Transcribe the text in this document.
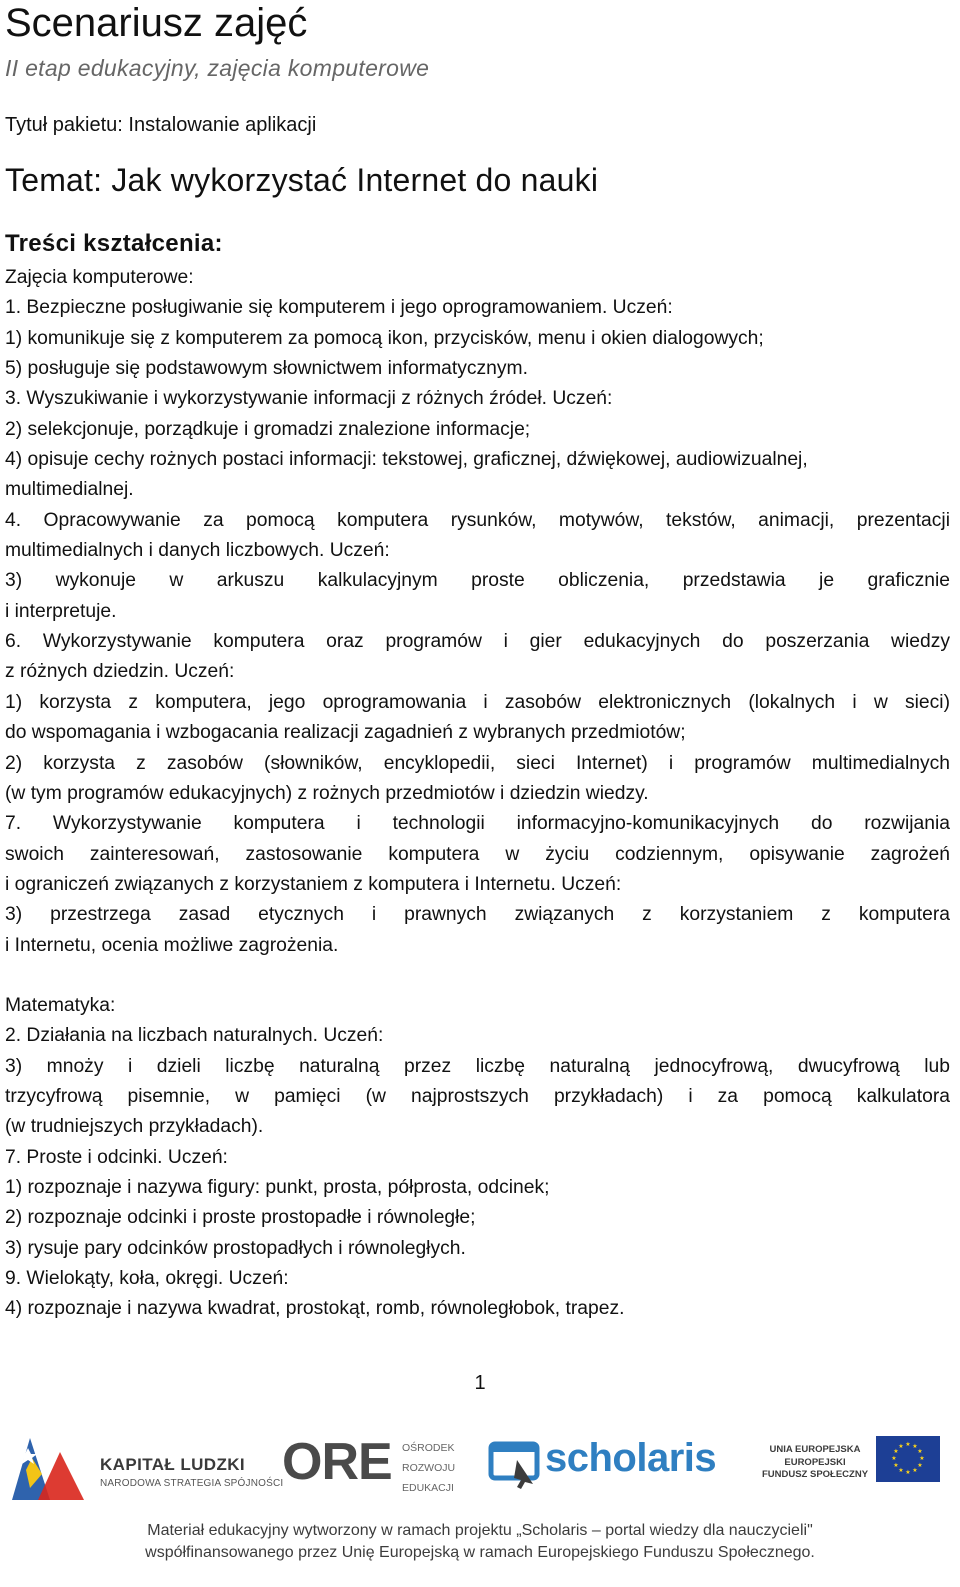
Scenariusz zajęć
II etap edukacyjny, zajęcia komputerowe
Tytuł pakietu: Instalowanie aplikacji
Temat: Jak wykorzystać Internet do nauki
Treści kształcenia:

Zajęcia komputerowe:

1. Bezpieczne posługiwanie się komputerem i jego oprogramowaniem. Uczeń:

1) komunikuje się z komputerem za pomocą ikon, przycisków, menu i okien dialogowych;

5) posługuje się podstawowym słownictwem informatycznym.

3. Wyszukiwanie i wykorzystywanie informacji z różnych źródeł. Uczeń:

2) selekcjonuje, porządkuje i gromadzi znalezione informacje;

4) opisuje cechy rożnych postaci informacji: tekstowej, graficznej, dźwiękowej, audiowizualnej,

multimedialnej.

4. Opracowywanie za pomocą komputera rysunków, motywów, tekstów, animacji, prezentacji

multimedialnych i danych liczbowych. Uczeń:

3) wykonuje w arkuszu kalkulacyjnym proste obliczenia, przedstawia je graficznie

i interpretuje.

6. Wykorzystywanie komputera oraz programów i gier edukacyjnych do poszerzania wiedzy

z różnych dziedzin. Uczeń:

1) korzysta z komputera, jego oprogramowania i zasobów elektronicznych (lokalnych i w sieci)

do wspomagania i wzbogacania realizacji zagadnień z wybranych przedmiotów;

2) korzysta z zasobów (słowników, encyklopedii, sieci Internet) i programów multimedialnych

(w tym programów edukacyjnych) z rożnych przedmiotów i dziedzin wiedzy.

7. Wykorzystywanie komputera i technologii informacyjno-komunikacyjnych do rozwijania

swoich zainteresowań, zastosowanie komputera w życiu codziennym, opisywanie zagrożeń

i ograniczeń związanych z korzystaniem z komputera i Internetu. Uczeń:

3) przestrzega zasad etycznych i prawnych związanych z korzystaniem z komputera

i Internetu, ocenia możliwe zagrożenia.

Matematyka:

2. Działania na liczbach naturalnych. Uczeń:

3) mnoży i dzieli liczbę naturalną przez liczbę naturalną jednocyfrową, dwucyfrową lub

trzycyfrową pisemnie, w pamięci (w najprostszych przykładach) i za pomocą kalkulatora

(w trudniejszych przykładach).

7. Proste i odcinki. Uczeń:

1) rozpoznaje i nazywa figury: punkt, prosta, półprosta, odcinek;

2) rozpoznaje odcinki i proste prostopadłe i równoległe;

3) rysuje pary odcinków prostopadłych i równoległych.

9. Wielokąty, koła, okręgi. Uczeń:

4) rozpoznaje i nazywa kwadrat, prostokąt, romb, równoległobok, trapez.

1
KAPITAŁ LUDZKI
NARODOWA STRATEGIA SPÓJNOŚCI
ORE OŚRODEK
ROZWOJU
EDUKACJI
scholaris	UNIA EUROPEJSKA
EUROPEJSKI
FUNDUSZ SPOŁECZNY
★ ★
★
★
★
★
★
★
★
★
★
★
Materiał edukacyjny wytworzony w ramach projektu „Scholaris – portal wiedzy dla nauczycieli"
współfinansowanego przez Unię Europejską w ramach Europejskiego Funduszu Społecznego.
